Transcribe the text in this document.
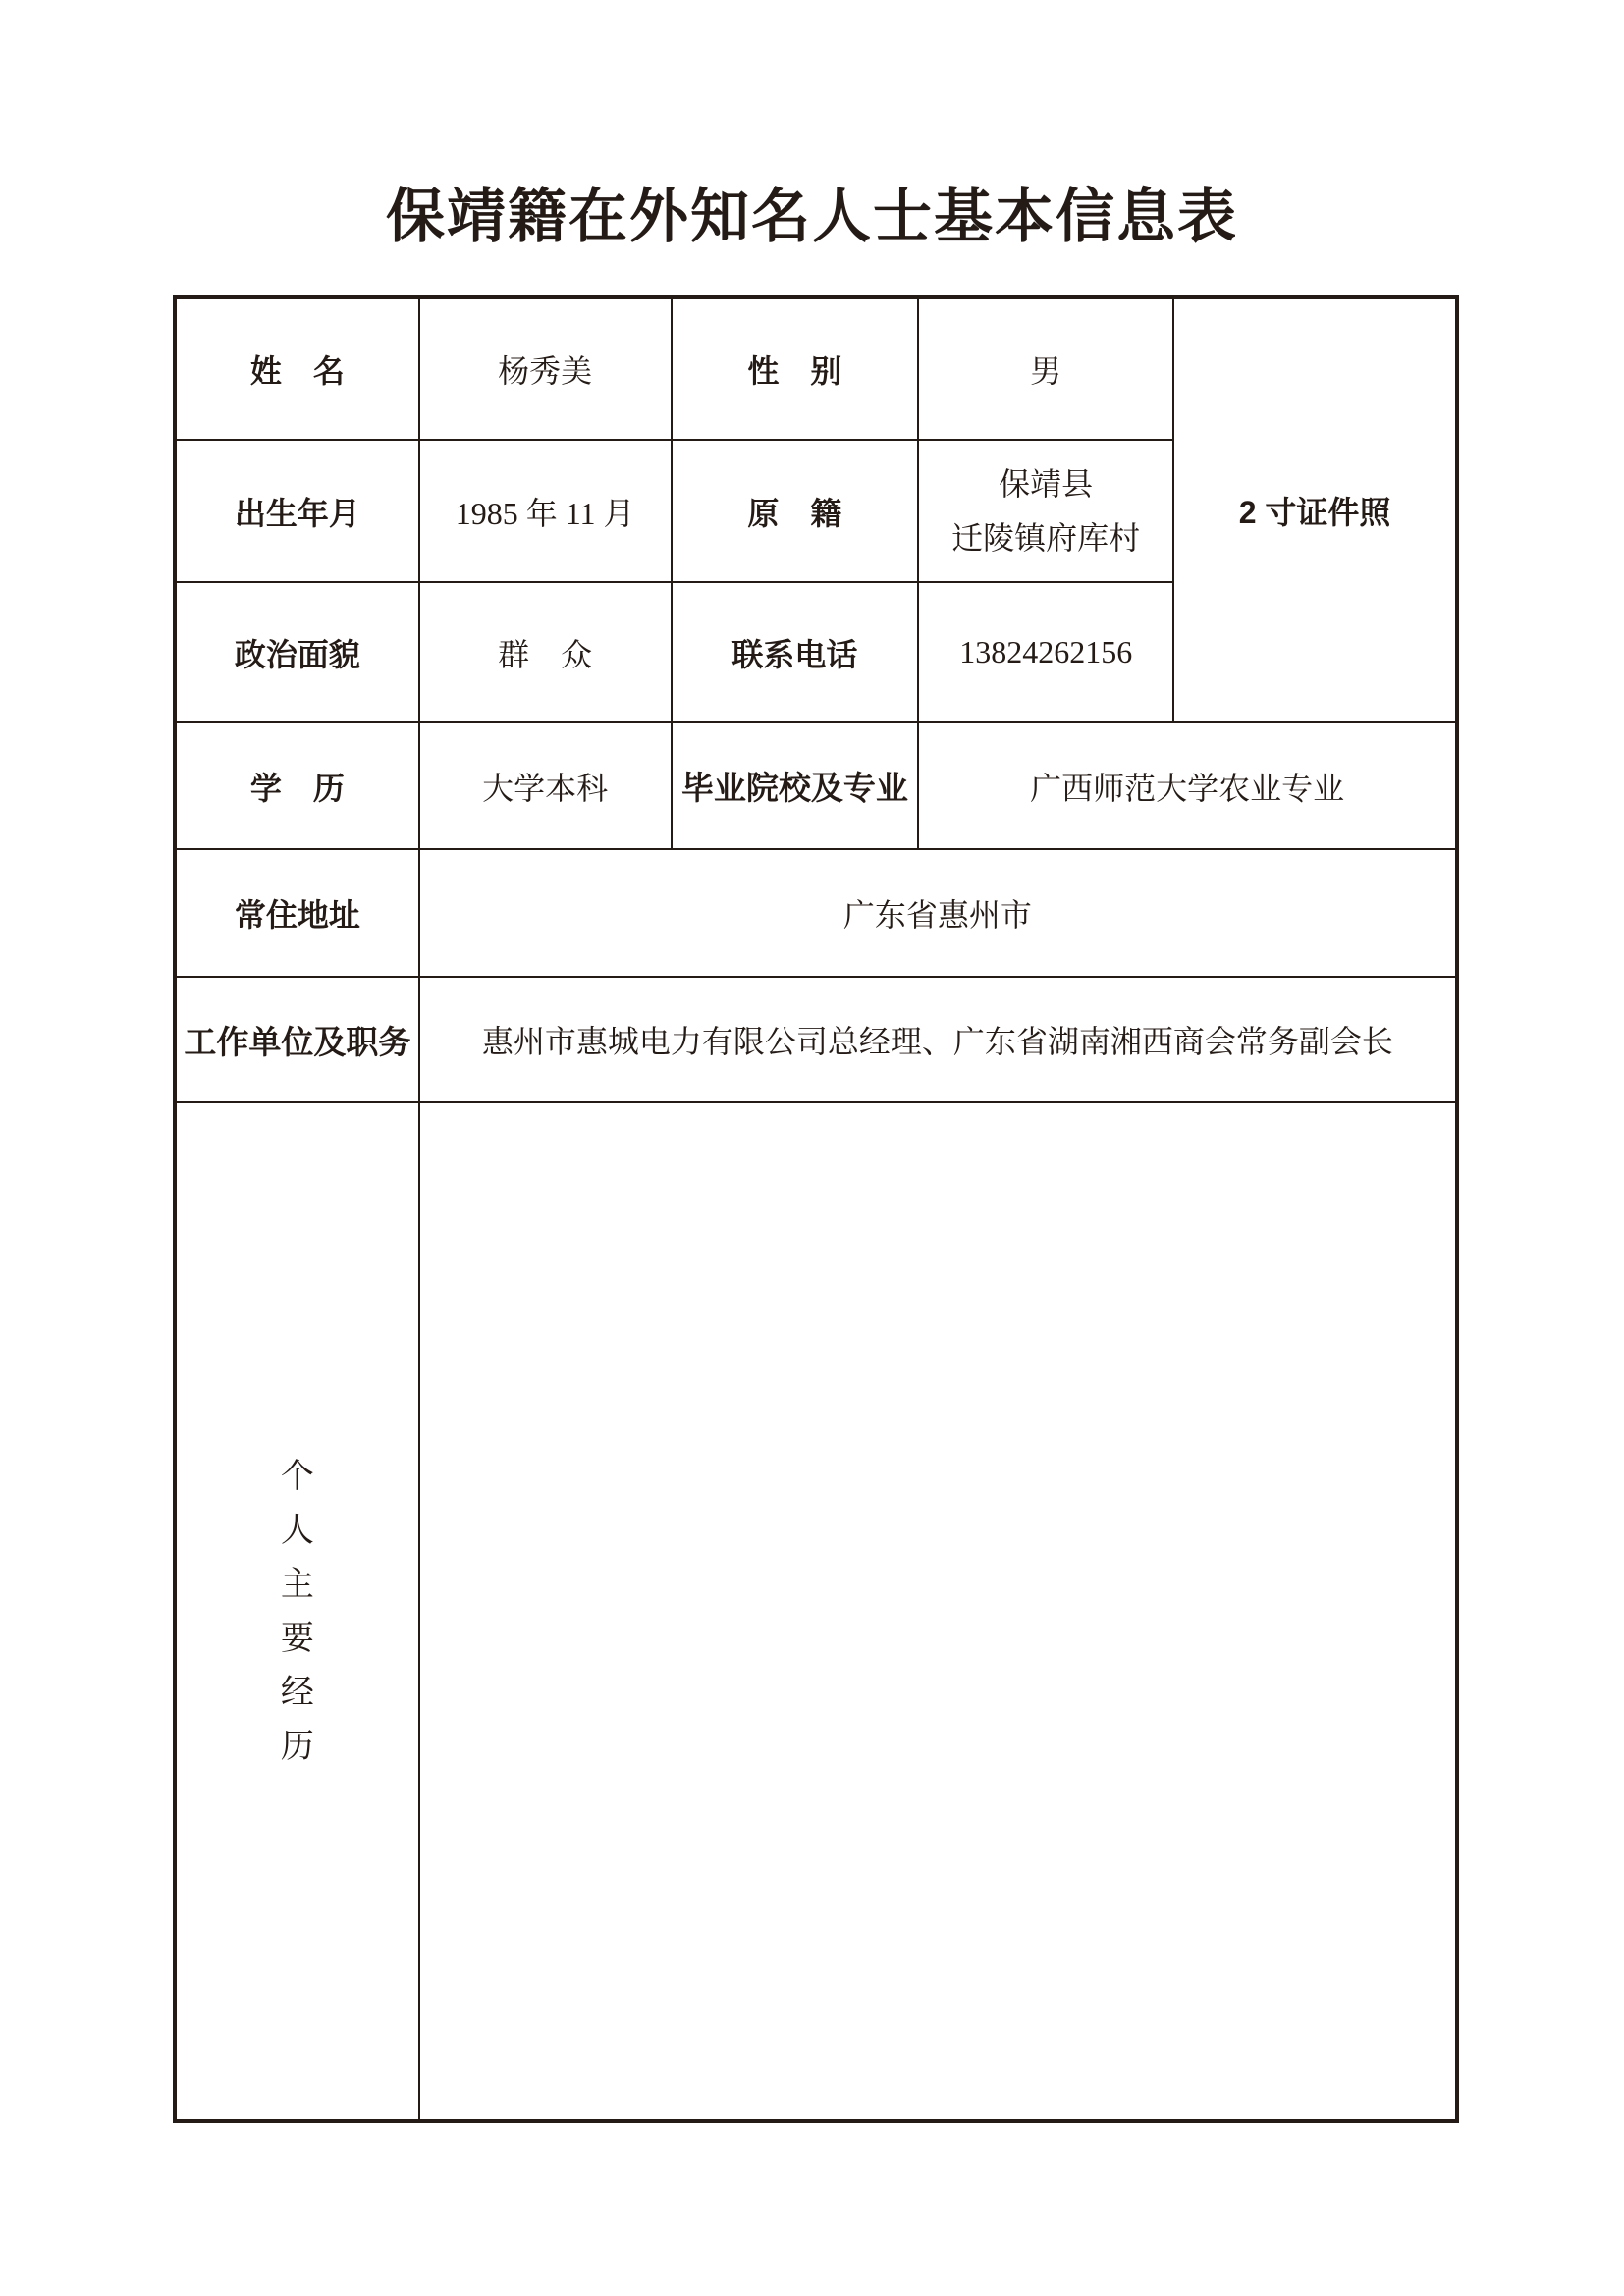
保靖籍在外知名人士基本信息表
姓　名	杨秀美	性　别	男	2 寸证件照
出生年月	1985 年 11 月	原　籍	保靖县
迁陵镇府库村	

政治面貌	群　众	联系电话	13824262156	
学　历	大学本科	毕业院校及专业	广西师范大学农业专业	
常住地址	广东省惠州市			
工作单位及职务	惠州市惠城电力有限公司总经理、广东省湖南湘西商会常务副会长			

个
人
主
要
经
历
